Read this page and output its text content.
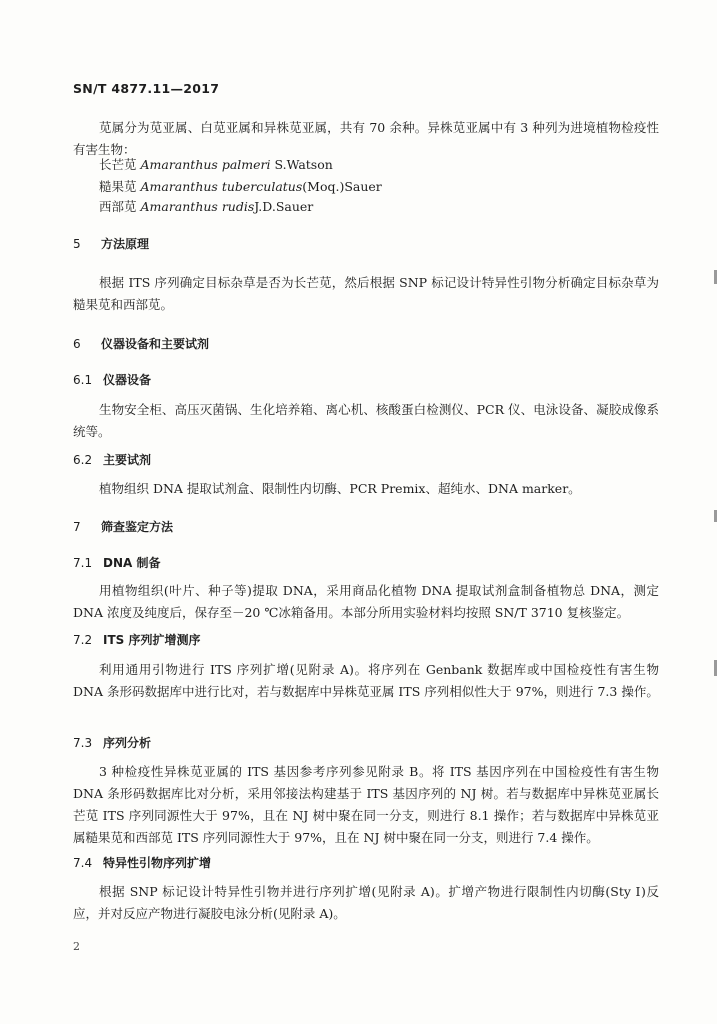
SN/T 4877.11—2017
苋属分为苋亚属、白苋亚属和异株苋亚属，共有 70 余种。异株苋亚属中有 3 种列为进境植物检疫性有害生物：
长芒苋 Amaranthus palmeri S.Watson
糙果苋 Amaranthus tuberculatus(Moq.)Sauer
西部苋 Amaranthus rudisJ.D.Sauer
5 方法原理
根据 ITS 序列确定目标杂草是否为长芒苋，然后根据 SNP 标记设计特异性引物分析确定目标杂草为糙果苋和西部苋。
6 仪器设备和主要试剂
6.1 仪器设备
生物安全柜、高压灭菌锅、生化培养箱、离心机、核酸蛋白检测仪、PCR 仪、电泳设备、凝胶成像系统等。
6.2 主要试剂
植物组织 DNA 提取试剂盒、限制性内切酶、PCR Premix、超纯水、DNA marker。
7 筛查鉴定方法
7.1 DNA 制备
用植物组织(叶片、种子等)提取 DNA，采用商品化植物 DNA 提取试剂盒制备植物总 DNA，测定 DNA 浓度及纯度后，保存至－20 ℃冰箱备用。本部分所用实验材料均按照 SN/T 3710 复核鉴定。
7.2 ITS 序列扩增测序
利用通用引物进行 ITS 序列扩增(见附录 A)。将序列在 Genbank 数据库或中国检疫性有害生物 DNA 条形码数据库中进行比对，若与数据库中异株苋亚属 ITS 序列相似性大于 97%，则进行 7.3 操作。
7.3 序列分析
3 种检疫性异株苋亚属的 ITS 基因参考序列参见附录 B。将 ITS 基因序列在中国检疫性有害生物 DNA 条形码数据库比对分析，采用邻接法构建基于 ITS 基因序列的 NJ 树。若与数据库中异株苋亚属长芒苋 ITS 序列同源性大于 97%，且在 NJ 树中聚在同一分支，则进行 8.1 操作；若与数据库中异株苋亚属糙果苋和西部苋 ITS 序列同源性大于 97%，且在 NJ 树中聚在同一分支，则进行 7.4 操作。
7.4 特异性引物序列扩增
根据 SNP 标记设计特异性引物并进行序列扩增(见附录 A)。扩增产物进行限制性内切酶(Sty Ⅰ)反应，并对反应产物进行凝胶电泳分析(见附录 A)。
2
